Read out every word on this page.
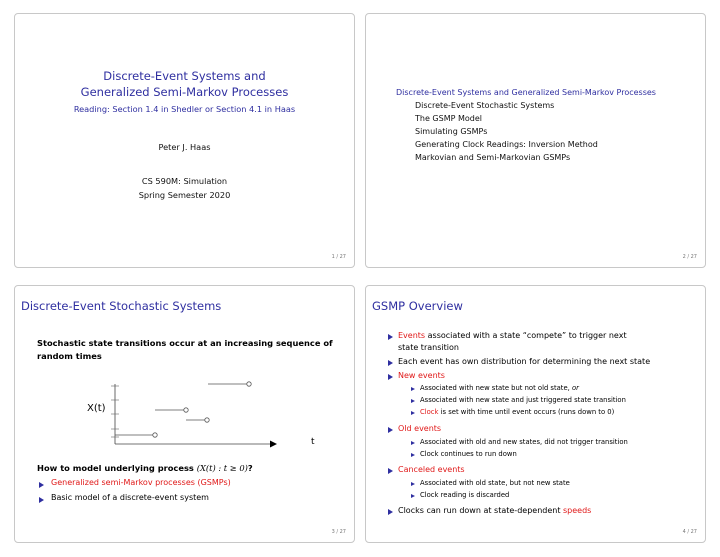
Discrete-Event Systems and
Generalized Semi-Markov Processes
Reading: Section 1.4 in Shedler or Section 4.1 in Haas
Peter J. Haas
CS 590M: Simulation
Spring Semester 2020
1 / 27
Discrete-Event Systems and Generalized Semi-Markov Processes
Discrete-Event Stochastic Systems
The GSMP Model
Simulating GSMPs
Generating Clock Readings: Inversion Method
Markovian and Semi-Markovian GSMPs
2 / 27
Discrete-Event Stochastic Systems
Stochastic state transitions occur at an increasing sequence of random times
X(t)
t
How to model underlying process (X(t) : t ≥ 0)?
Generalized semi-Markov processes (GSMPs)
Basic model of a discrete-event system
3 / 27
GSMP Overview
Events associated with a state “compete” to trigger next
state transition
Each event has own distribution for determining the next state
New events
Associated with new state but not old state, or
Associated with new state and just triggered state transition
Clock is set with time until event occurs (runs down to 0)
Old events
Associated with old and new states, did not trigger transition
Clock continues to run down
Canceled events
Associated with old state, but not new state
Clock reading is discarded
Clocks can run down at state-dependent speeds
4 / 27
